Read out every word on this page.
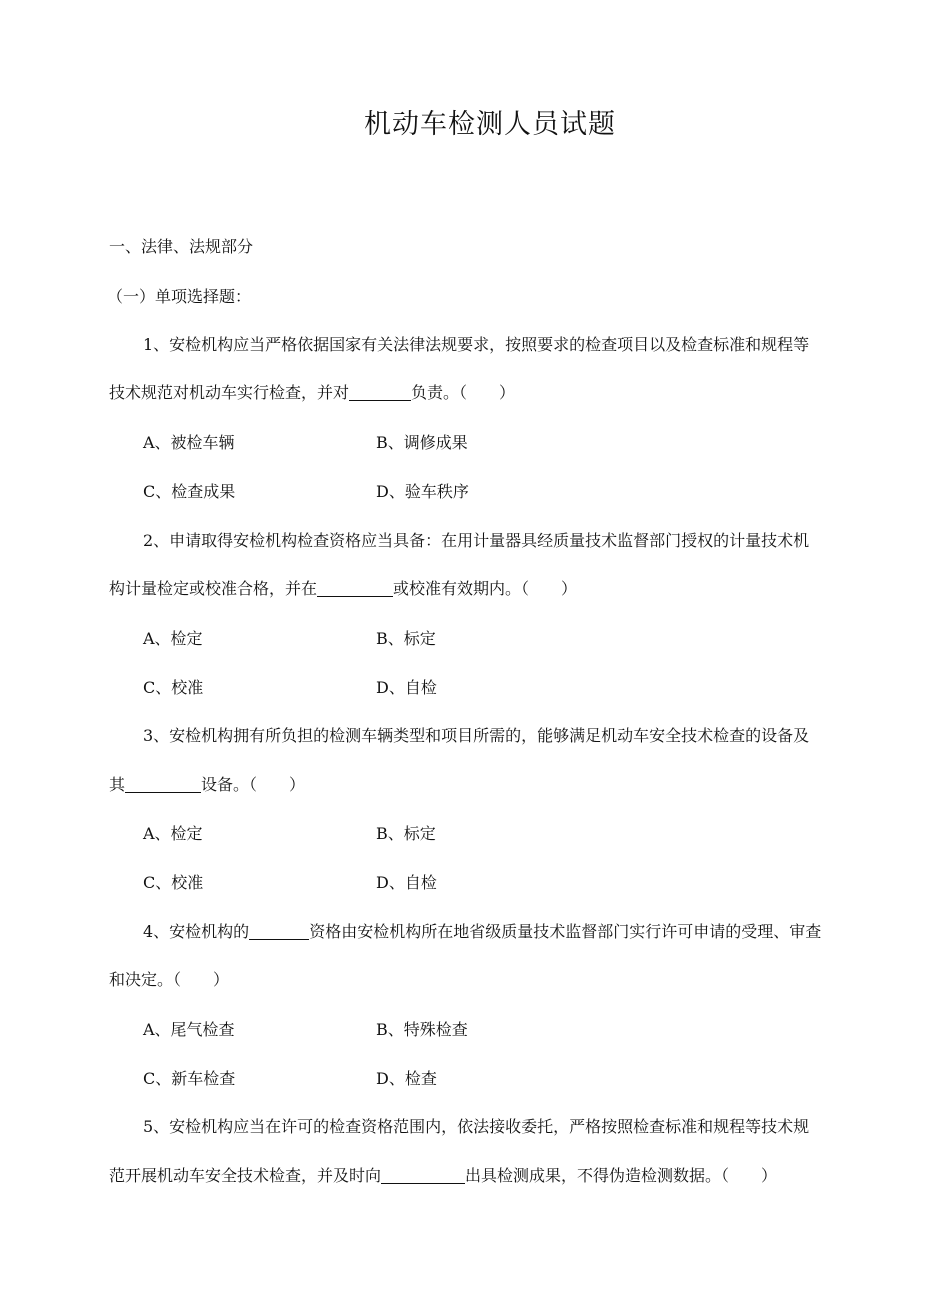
机动车检测人员试题
一、法律、法规部分
（一）单项选择题：
1、安检机构应当严格依据国家有关法律法规要求，按照要求的检查项目以及检查标准和规程等
技术规范对机动车实行检查，并对	负责。（　　）
A、被检车辆	B、调修成果
C、检查成果	D、验车秩序
2、申请取得安检机构检查资格应当具备：在用计量器具经质量技术监督部门授权的计量技术机
构计量检定或校准合格，并在	或校准有效期内。（　　）
A、检定	B、标定
C、校准	D、自检
3、安检机构拥有所负担的检测车辆类型和项目所需的，能够满足机动车安全技术检查的设备及
其	设备。（　　）
A、检定	B、标定
C、校准	D、自检
4、安检机构的	资格由安检机构所在地省级质量技术监督部门实行许可申请的受理、审查
和决定。（　　）
A、尾气检查	B、特殊检查
C、新车检查	D、检查
5、安检机构应当在许可的检查资格范围内，依法接收委托，严格按照检查标准和规程等技术规
范开展机动车安全技术检查，并及时向	出具检测成果，不得伪造检测数据。（　　）
